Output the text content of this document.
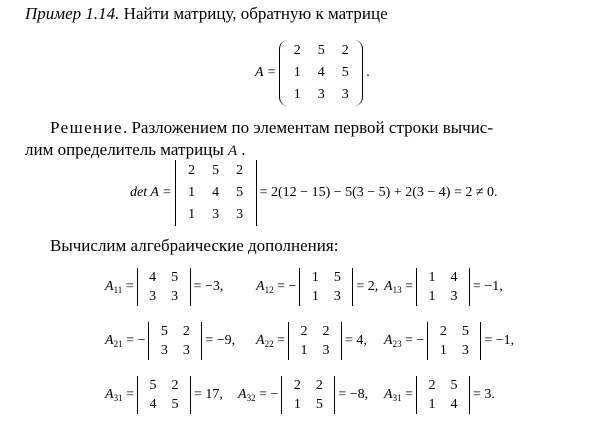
Пример 1.14. Найти матрицу, обратную к матрице
A =
2	5	2
1	4	5
1	3	3
.
Решение. Разложением по элементам первой строки вычис-
лим определитель матрицы A .
det A =
2	5	2
1	4	5
1	3	3
= 2(12 − 15) − 5(3 − 5) + 2(3 − 4) = 2 ≠ 0.
Вычислим алгебраические дополнения:
$A_{11}$ =
4	5
3	3
= −3, $A_{12}$ = −
1	5
1	3
= 2, $A_{13}$ =
1	4
1	3
= −1,
$A_{21}$ = −
5	2
3	3
= −9, $A_{22}$ =
2	2
1	3
= 4, $A_{23}$ = −
2	5
1	3
= −1,
$A_{31}$ =
5	2
4	5
= 17, $A_{32}$ = −
2	2
1	5
= −8, $A_{31}$ =
2	5
1	4
= 3.
